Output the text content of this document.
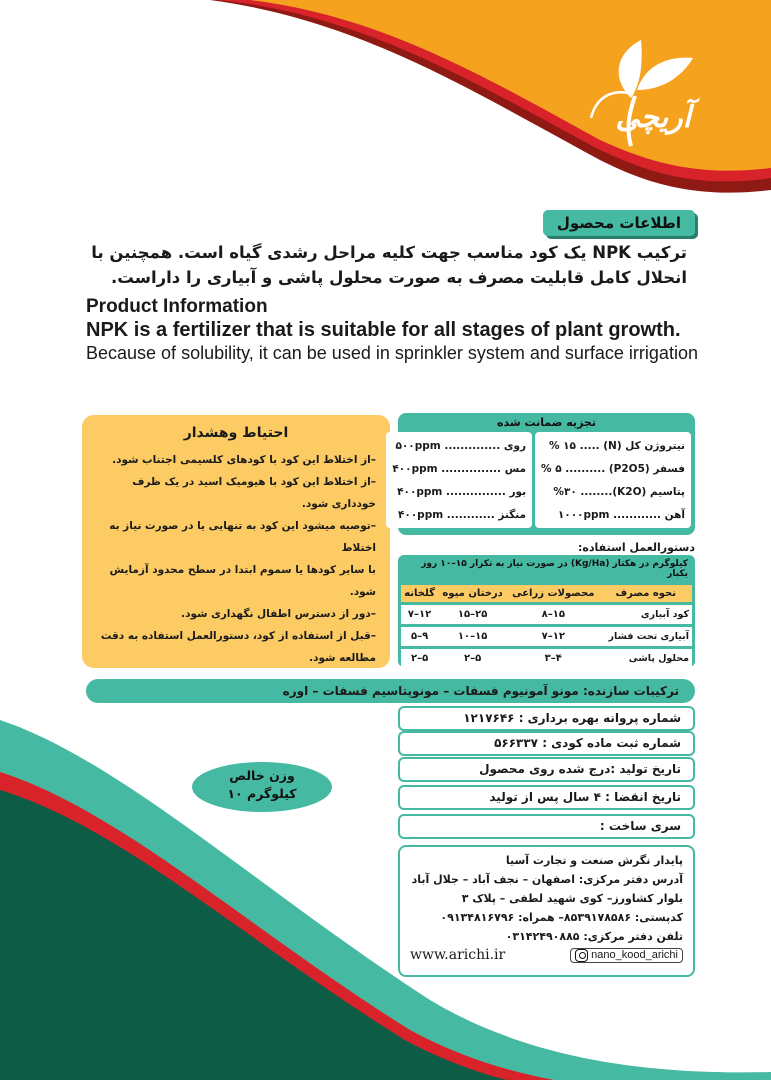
آریچی
اطلاعات محصول
ترکیب NPK یک کود مناسب جهت کلیه مراحل رشدی گیاه است. همچنین با انحلال کامل قابلیت مصرف به صورت محلول پاشی و آبیاری را داراست.
Product Information
NPK is a fertilizer that is suitable for all stages of plant growth.
Because of solubility, it can be used in sprinkler system and surface irrigation
احتیاط وهشدار
–از اختلاط این کود با کودهای کلسیمی اجتناب شود.
–از اختلاط این کود با هیومیک اسید در یک ظرف خودداری شود.
–توصیه میشود این کود به تنهایی یا در صورت نیاز به اختلاط
با سایر کودها یا سموم ابتدا در سطح محدود آزمایش شود.
–دور از دسترس اطفال نگهداری شود.
–قبل از استفاده از کود، دستورالعمل استفاده به دقت
مطالعه شود.
تجزیه ضمانت شده
نیتروژن کل (N) ..... ۱۵ %
فسفر (P2O5) .......... ۵ %
پتاسیم (K2O)........ %۳۰
آهن ............ ۱۰۰۰ppm
روی .............. ۵۰۰ppm
مس ............... ۴۰۰ppm
بور ............... ۴۰۰ppm
منگنز ............ ۴۰۰ppm
دستورالعمل استفاده:
کیلوگرم در هکتار (Kg/Ha) در صورت نیاز به تکرار ۱۵–۱۰ روز یکبار
نحوه مصرف	محصولات زراعی	درختان میوه	گلخانه
کود آبیاری	۱۵–۸	۲۵–۱۵	۱۲–۷
آبیاری تحت فشار	۱۲–۷	۱۵–۱۰	۹–۵
محلول پاشی	۴–۳	۵–۲	۵–۲
ترکیبات سازنده: مونو آمونیوم فسفات – مونوپتاسیم فسفات – اوره
شماره پروانه بهره برداری : ۱۲۱۷۶۴۶
شماره ثبت ماده کودی : ۵۶۶۳۳۷
تاریخ تولید :درج شده روی محصول
تاریخ انقضا : ۴ سال پس از تولید
سری ساخت :
وزن خالص
۱۰ کیلوگرم
پایدار نگرش صنعت و تجارت آسیا
آدرس دفتر مرکزی: اصفهان – نجف آباد – جلال آباد
بلوار کشاورز– کوی شهید لطفی – پلاک ۳
کدپستی: ۸۵۳۹۱۷۸۵۸۶– همراه: ۰۹۱۳۴۸۱۶۷۹۶
تلفن دفتر مرکزی: ۰۳۱۴۲۴۹۰۸۸۵
www.arichi.ir	nano_kood_arichi
